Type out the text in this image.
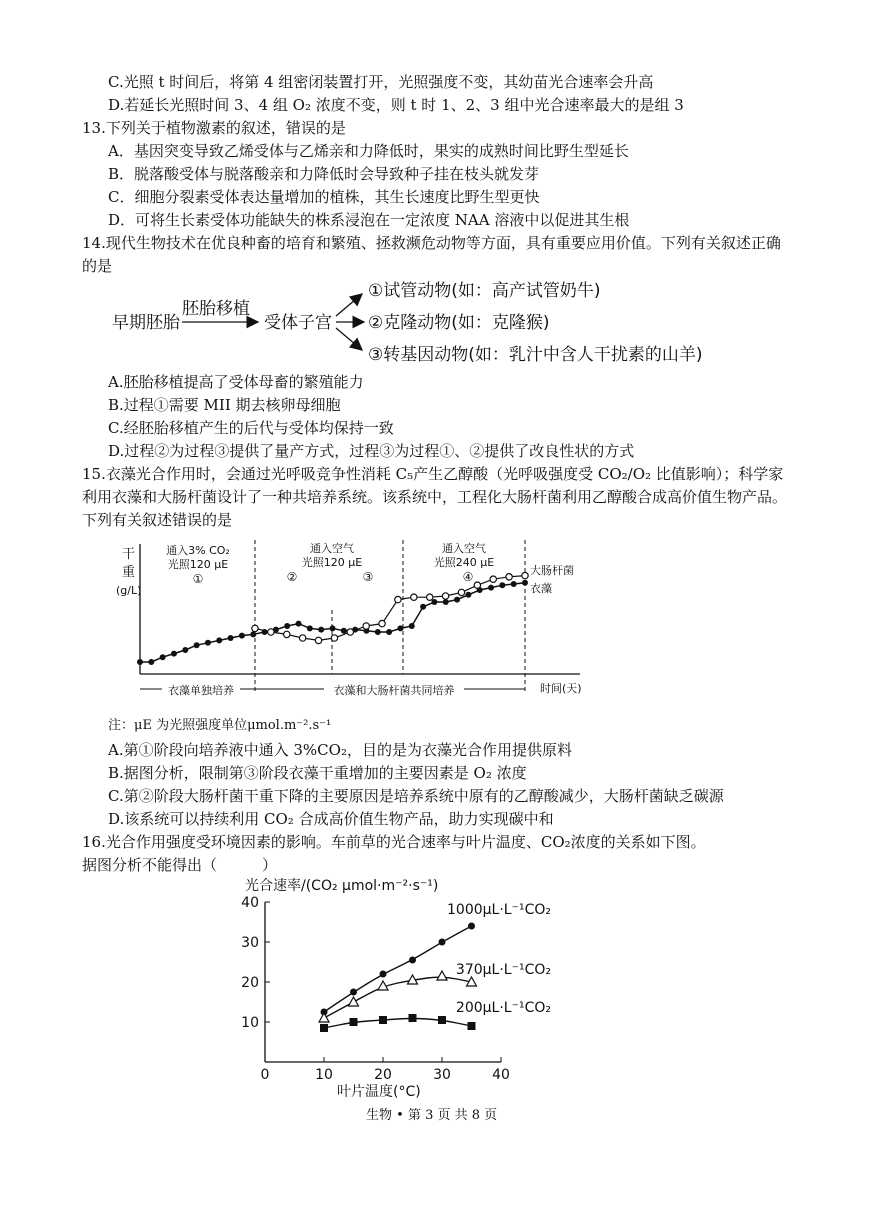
C.光照 t 时间后，将第 4 组密闭装置打开，光照强度不变，其幼苗光合速率会升高
D.若延长光照时间 3、4 组 O₂ 浓度不变，则 t 时 1、2、3 组中光合速率最大的是组 3
13.下列关于植物激素的叙述，错误的是
A．基因突变导致乙烯受体与乙烯亲和力降低时，果实的成熟时间比野生型延长
B．脱落酸受体与脱落酸亲和力降低时会导致种子挂在枝头就发芽
C．细胞分裂素受体表达量增加的植株，其生长速度比野生型更快
D．可将生长素受体功能缺失的株系浸泡在一定浓度 NAA 溶液中以促进其生根
14.现代生物技术在优良种畜的培育和繁殖、拯救濒危动物等方面，具有重要应用价值。下列有关叙述正确
的是
早期胚胎
胚胎移植
受体子宫
①试管动物(如：高产试管奶牛)
②克隆动物(如：克隆猴)
③转基因动物(如：乳汁中含人干扰素的山羊)
A.胚胎移植提高了受体母畜的繁殖能力
B.过程①需要 MII 期去核卵母细胞
C.经胚胎移植产生的后代与受体均保持一致
D.过程②为过程③提供了量产方式，过程③为过程①、②提供了改良性状的方式
15.衣藻光合作用时，会通过光呼吸竞争性消耗 C₅产生乙醇酸（光呼吸强度受 CO₂/O₂ 比值影响）；科学家
利用衣藻和大肠杆菌设计了一种共培养系统。该系统中，工程化大肠杆菌利用乙醇酸合成高价值生物产品。
下列有关叙述错误的是
干
重
(g/L)
通入3% CO₂
光照120 μE
①
通入空气
光照120 μE
②	③
通入空气
光照240 μE
④	大肠杆菌
衣藻
衣藻单独培养	衣藻和大肠杆菌共同培养	时间(天)
注：μE 为光照强度单位μmol.m⁻².s⁻¹
A.第①阶段向培养液中通入 3%CO₂，目的是为衣藻光合作用提供原料
B.据图分析，限制第③阶段衣藻干重增加的主要因素是 O₂ 浓度
C.第②阶段大肠杆菌干重下降的主要原因是培养系统中原有的乙醇酸减少，大肠杆菌缺乏碳源
D.该系统可以持续利用 CO₂ 合成高价值生物产品，助力实现碳中和
16.光合作用强度受环境因素的影响。车前草的光合速率与叶片温度、CO₂浓度的关系如下图。
据图分析不能得出（　　　）
光合速率/(CO₂ μmol·m⁻²·s⁻¹)
叶片温度(°C)
0	10	20	30	40
10
20
30
40	1000μL·L⁻¹CO₂
370μL·L⁻¹CO₂
200μL·L⁻¹CO₂
生物 • 第 3 页 共 8 页
